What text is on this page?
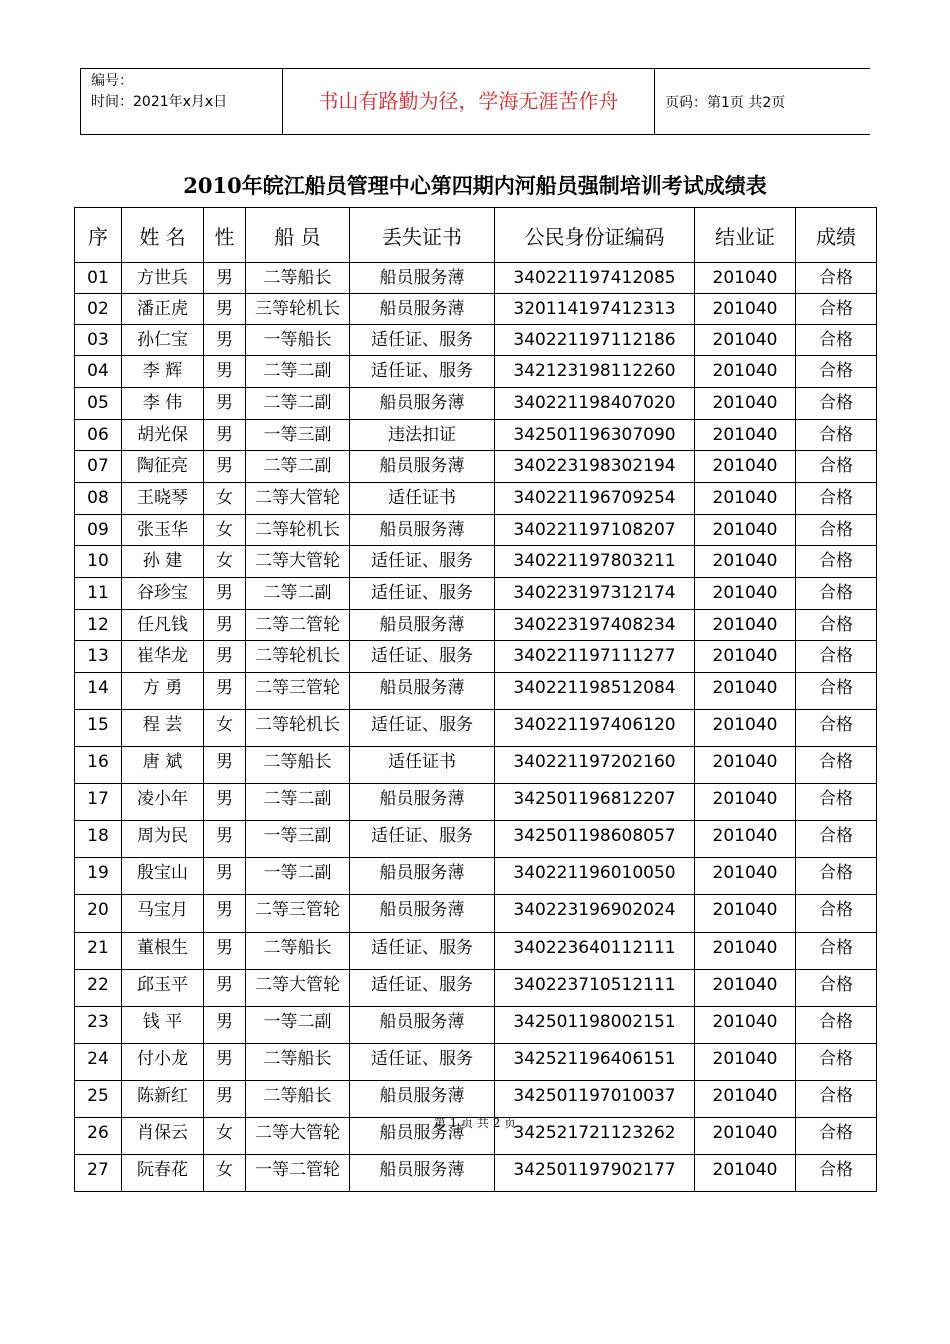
编号：
时间：2021年x月x日	书山有路勤为径，学海无涯苦作舟	页码：第1页 共2页
2010年皖江船员管理中心第四期内河船员强制培训考试成绩表
序	姓 名	性	船 员	丢失证书	公民身份证编码	结业证	成绩
01	方世兵	男	二等船长	船员服务薄	340221197412085	201040	合格
02	潘正虎	男	三等轮机长	船员服务薄	320114197412313	201040	合格
03	孙仁宝	男	一等船长	适任证、服务	340221197112186	201040	合格
04	李 辉	男	二等二副	适任证、服务	342123198112260	201040	合格
05	李 伟	男	二等二副	船员服务薄	340221198407020	201040	合格
06	胡光保	男	一等三副	违法扣证	342501196307090	201040	合格
07	陶征亮	男	二等二副	船员服务薄	340223198302194	201040	合格
08	王晓琴	女	二等大管轮	适任证书	340221196709254	201040	合格
09	张玉华	女	二等轮机长	船员服务薄	340221197108207	201040	合格
10	孙 建	女	二等大管轮	适任证、服务	340221197803211	201040	合格
11	谷珍宝	男	二等二副	适任证、服务	340223197312174	201040	合格
12	任凡钱	男	二等二管轮	船员服务薄	340223197408234	201040	合格
13	崔华龙	男	二等轮机长	适任证、服务	340221197111277	201040	合格
14	方 勇	男	二等三管轮	船员服务薄	340221198512084	201040	合格
15	程 芸	女	二等轮机长	适任证、服务	340221197406120	201040	合格
16	唐 斌	男	二等船长	适任证书	340221197202160	201040	合格
17	凌小年	男	二等二副	船员服务薄	342501196812207	201040	合格
18	周为民	男	一等三副	适任证、服务	342501198608057	201040	合格
19	殷宝山	男	一等二副	船员服务薄	340221196010050	201040	合格
20	马宝月	男	二等三管轮	船员服务薄	340223196902024	201040	合格
21	董根生	男	二等船长	适任证、服务	340223640112111	201040	合格
22	邱玉平	男	二等大管轮	适任证、服务	340223710512111	201040	合格
23	钱 平	男	一等二副	船员服务薄	342501198002151	201040	合格
24	付小龙	男	二等船长	适任证、服务	342521196406151	201040	合格
25	陈新红	男	二等船长	船员服务薄	342501197010037	201040	合格
26	肖保云	女	二等大管轮	船员服务薄	342521721123262	201040	合格
27	阮春花	女	一等二管轮	船员服务薄	342501197902177	201040	合格
第 1 页 共 2 页
